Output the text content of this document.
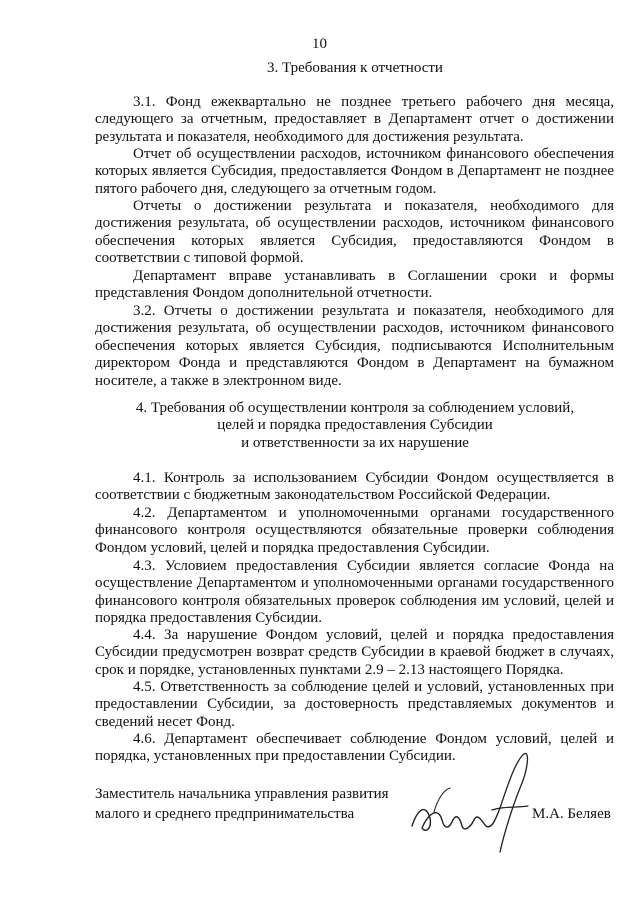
10
3. Требования к отчетности

3.1. Фонд ежеквартально не позднее третьего рабочего дня месяца, следующего за отчетным, предоставляет в Департамент отчет о достижении результата и показателя, необходимого для достижения результата.

Отчет об осуществлении расходов, источником финансового обеспечения которых является Субсидия, предоставляется Фондом в Департамент не позднее пятого рабочего дня, следующего за отчетным годом.

Отчеты о достижении результата и показателя, необходимого для достижения результата, об осуществлении расходов, источником финансового обеспечения которых является Субсидия, предоставляются Фондом в соответствии с типовой формой.

Департамент вправе устанавливать в Соглашении сроки и формы представления Фондом дополнительной отчетности.

3.2. Отчеты о достижении результата и показателя, необходимого для достижения результата, об осуществлении расходов, источником финансового обеспечения которых является Субсидия, подписываются Исполнительным директором Фонда и представляются Фондом в Департамент на бумажном носителе, а также в электронном виде.

4. Требования об осуществлении контроля за соблюдением условий,
целей и порядка предоставления Субсидии
и ответственности за их нарушение

4.1. Контроль за использованием Субсидии Фондом осуществляется в соответствии с бюджетным законодательством Российской Федерации.

4.2. Департаментом и уполномоченными органами государственного финансового контроля осуществляются обязательные проверки соблюдения Фондом условий, целей и порядка предоставления Субсидии.

4.3. Условием предоставления Субсидии является согласие Фонда на осуществление Департаментом и уполномоченными органами государственного финансового контроля обязательных проверок соблюдения им условий, целей и порядка предоставления Субсидии.

4.4. За нарушение Фондом условий, целей и порядка предоставления Субсидии предусмотрен возврат средств Субсидии в краевой бюджет в случаях, срок и порядке, установленных пунктами 2.9 – 2.13 настоящего Порядка.

4.5. Ответственность за соблюдение целей и условий, установленных при предоставлении Субсидии, за достоверность представляемых документов и сведений несет Фонд.

4.6. Департамент обеспечивает соблюдение Фондом условий, целей и порядка, установленных при предоставлении Субсидии.

Заместитель начальника управления развития
малого и среднего предпринимательства	М.А. Беляев
